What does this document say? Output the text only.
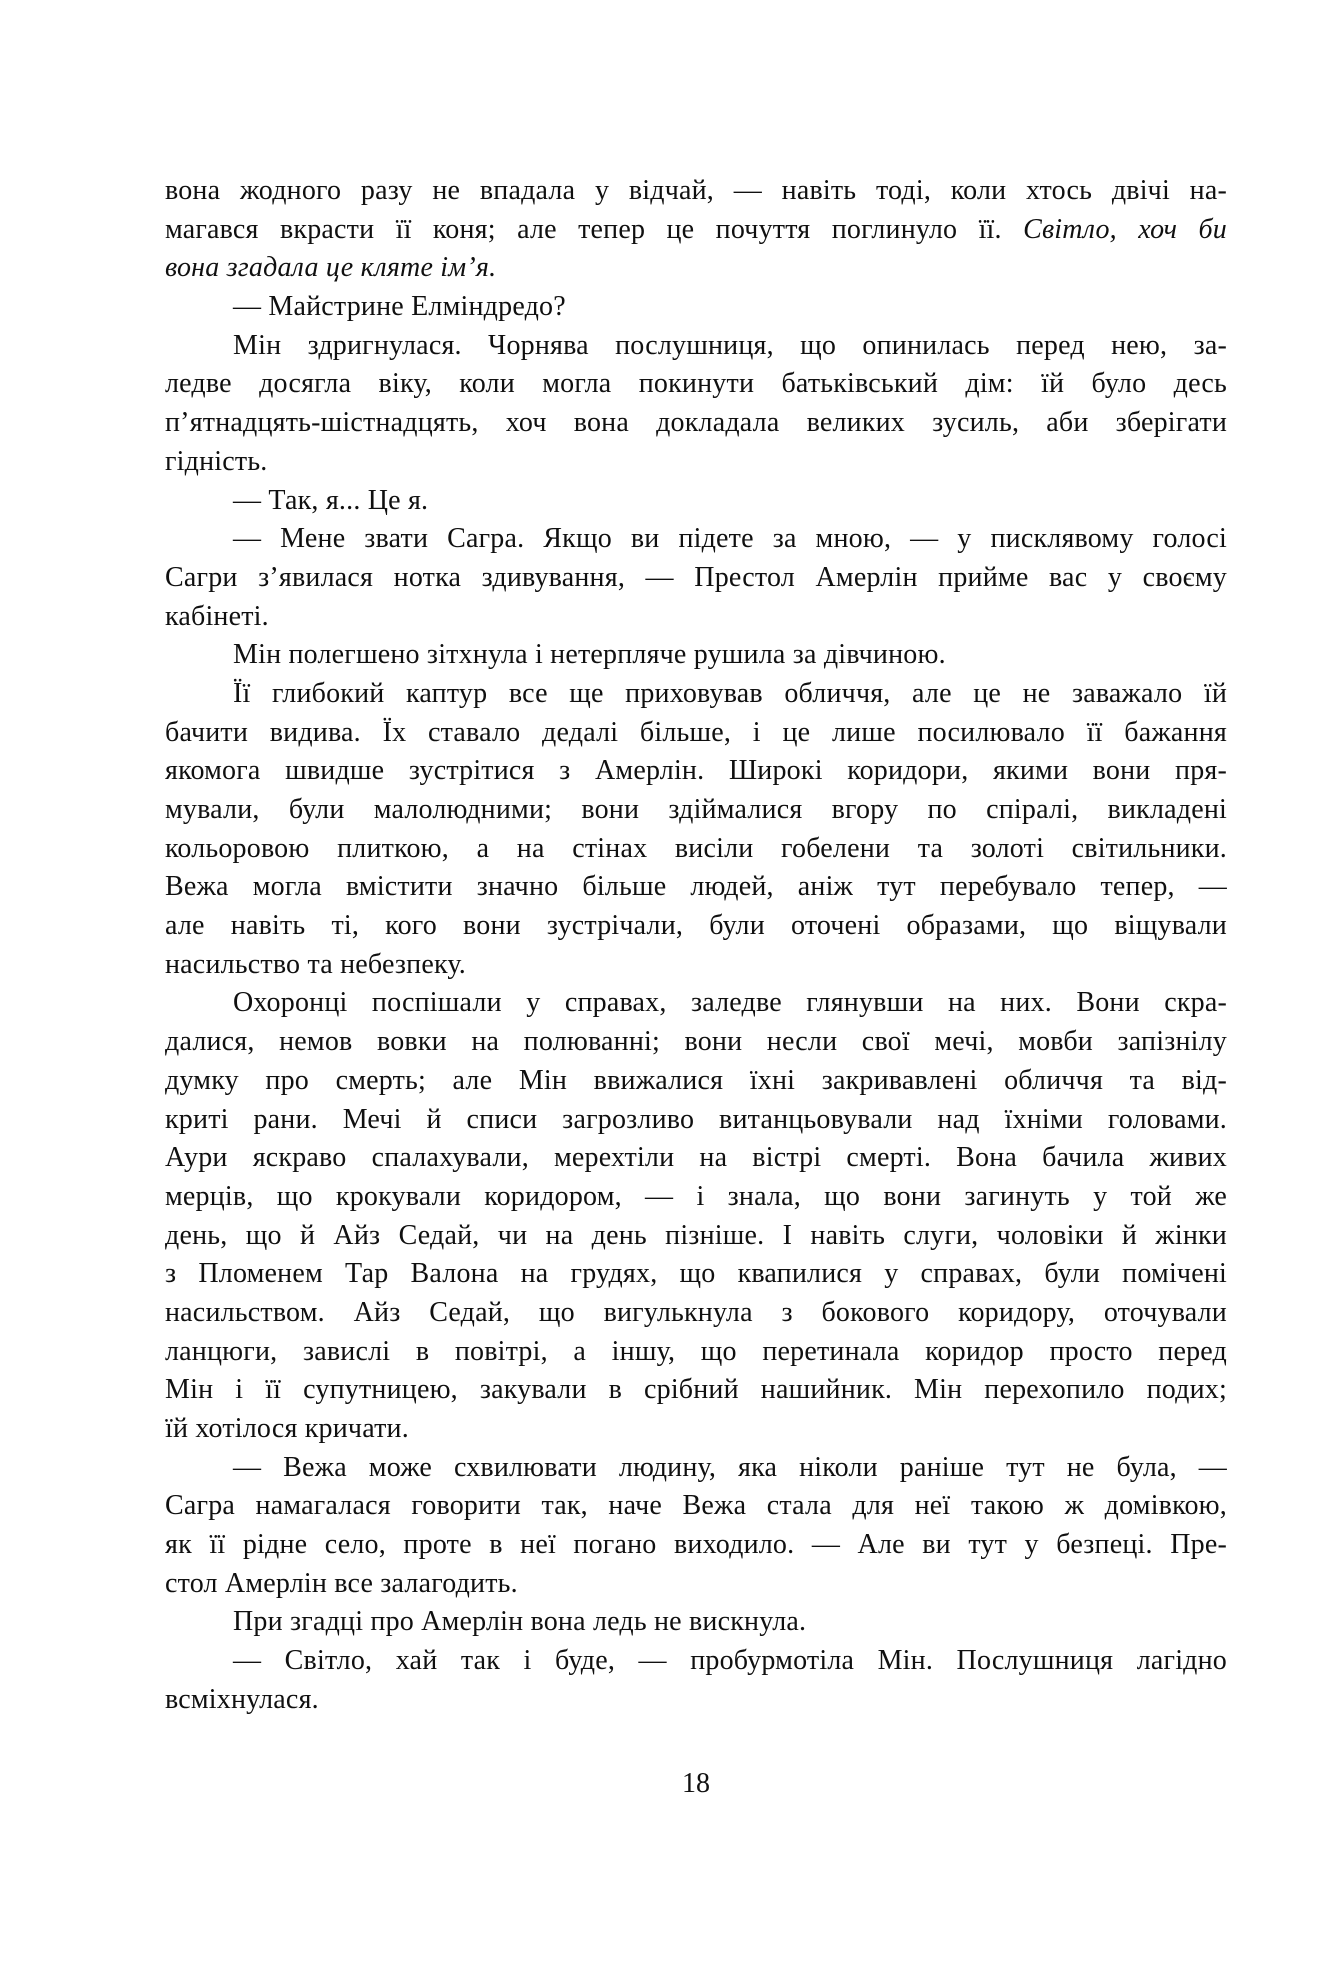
вона жодного разу не впадала у відчай, — навіть тоді, коли хтось двічі на-
магався вкрасти її коня; але тепер це почуття поглинуло її. Світло, хоч би
вона згадала це кляте ім’я.
— Майстрине Елміндредо?
Мін здригнулася. Чорнява послушниця, що опинилась перед нею, за-
ледве досягла віку, коли могла покинути батьківський дім: їй було десь
п’ятнадцять-шістнадцять, хоч вона докладала великих зусиль, аби зберігати
гідність.
— Так, я... Це я.
— Мене звати Сагра. Якщо ви підете за мною, — у писклявому голосі
Сагри з’явилася нотка здивування, — Престол Амерлін прийме вас у своєму
кабінеті.
Мін полегшено зітхнула і нетерпляче рушила за дівчиною.
Її глибокий каптур все ще приховував обличчя, але це не заважало їй
бачити видива. Їх ставало дедалі більше, і це лише посилювало її бажання
якомога швидше зустрітися з Амерлін. Широкі коридори, якими вони пря-
мували, були малолюдними; вони здіймалися вгору по спіралі, викладені
кольоровою плиткою, а на стінах висіли гобелени та золоті світильники.
Вежа могла вмістити значно більше людей, аніж тут перебувало тепер, —
але навіть ті, кого вони зустрічали, були оточені образами, що віщували
насильство та небезпеку.
Охоронці поспішали у справах, заледве глянувши на них. Вони скра-
далися, немов вовки на полюванні; вони несли свої мечі, мовби запізнілу
думку про смерть; але Мін ввижалися їхні закривавлені обличчя та від-
криті рани. Мечі й списи загрозливо витанцьовували над їхніми головами.
Аури яскраво спалахували, мерехтіли на вістрі смерті. Вона бачила живих
мерців, що крокували коридором, — і знала, що вони загинуть у той же
день, що й Айз Седай, чи на день пізніше. І навіть слуги, чоловіки й жінки
з Пломенем Тар Валона на грудях, що квапилися у справах, були помічені
насильством. Айз Седай, що вигулькнула з бокового коридору, оточували
ланцюги, завислі в повітрі, а іншу, що перетинала коридор просто перед
Мін і її супутницею, закували в срібний нашийник. Мін перехопило подих;
їй хотілося кричати.
— Вежа може схвилювати людину, яка ніколи раніше тут не була, —
Сагра намагалася говорити так, наче Вежа стала для неї такою ж домівкою,
як її рідне село, проте в неї погано виходило. — Але ви тут у безпеці. Пре-
стол Амерлін все залагодить.
При згадці про Амерлін вона ледь не вискнула.
— Світло, хай так і буде, — пробурмотіла Мін. Послушниця лагідно
всміхнулася.
18
